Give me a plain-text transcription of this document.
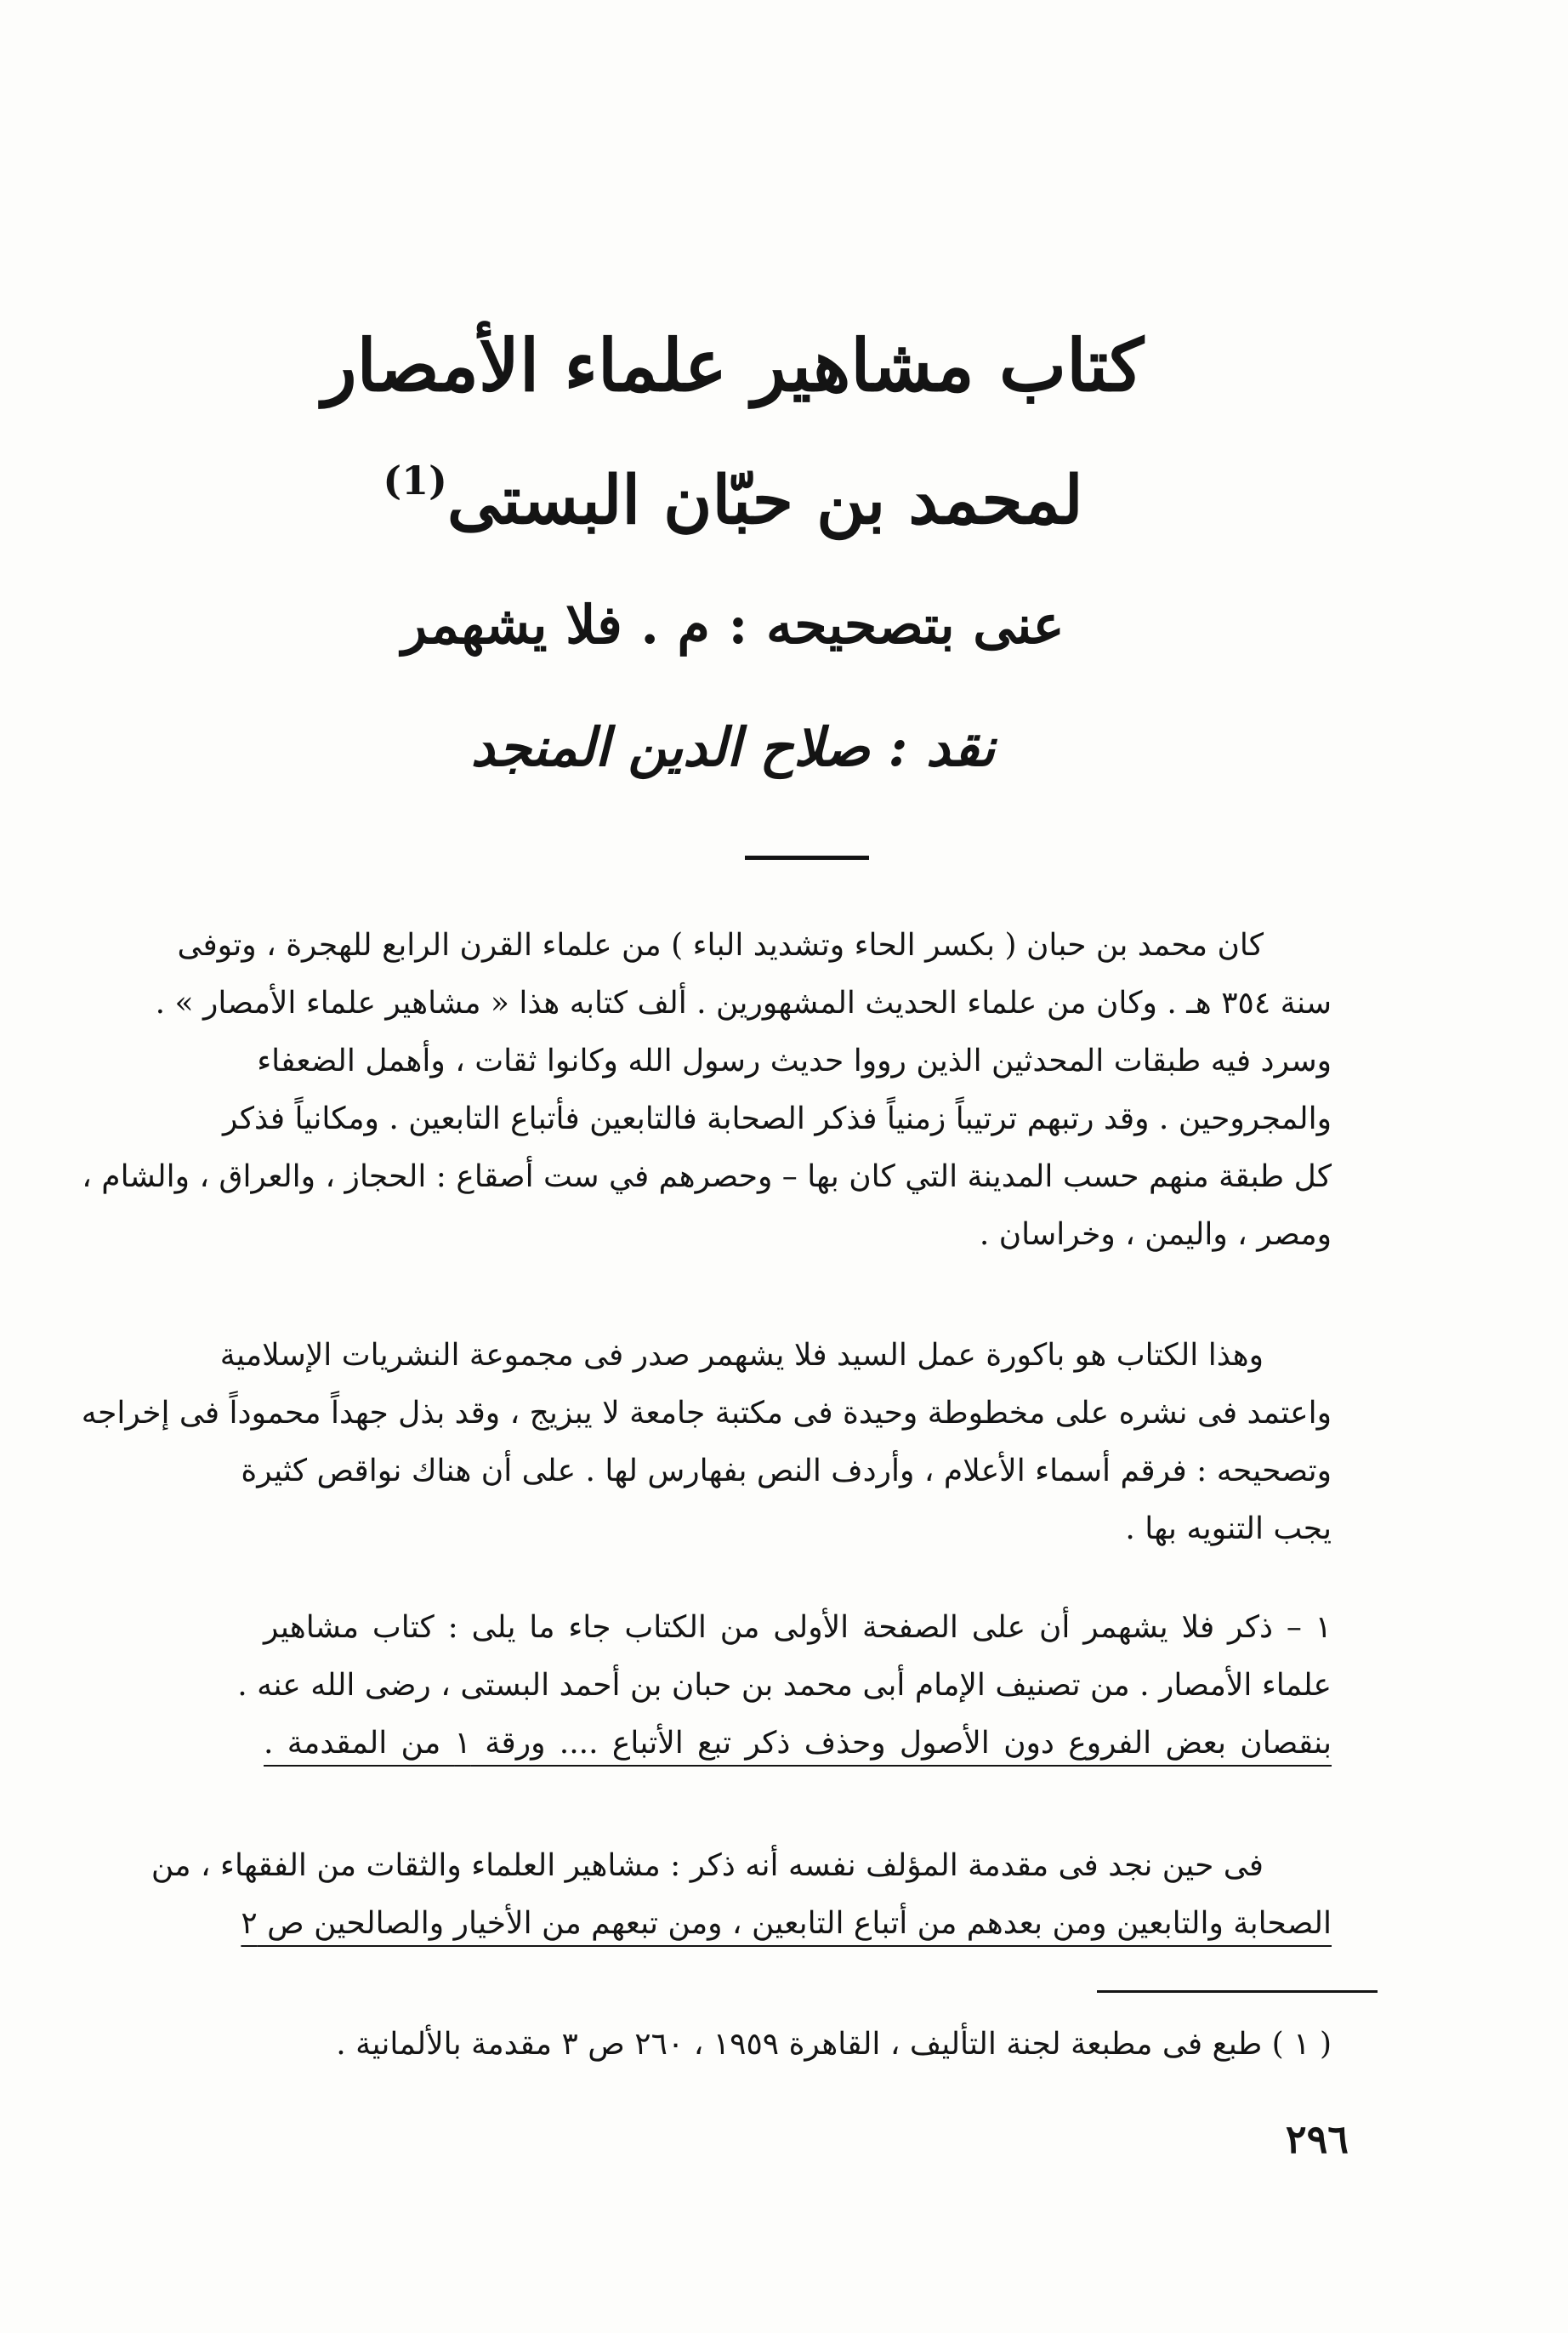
كتاب مشاهير علماء الأمصار
لمحمد بن حبّان البستى$^{(1)}$
عنى بتصحيحه : م . فلا يشهمر
نقد : صلاح الدين المنجد
كان محمد بن حبان ( بكسر الحاء وتشديد الباء ) من علماء القرن الرابع للهجرة ، وتوفى
سنة ٣٥٤ هـ . وكان من علماء الحديث المشهورين . ألف كتابه هذا « مشاهير علماء الأمصار » .
وسرد فيه طبقات المحدثين الذين رووا حديث رسول الله وكانوا ثقات ، وأهمل الضعفاء
والمجروحين . وقد رتبهم ترتيباً زمنياً فذكر الصحابة فالتابعين فأتباع التابعين . ومكانياً فذكر
كل طبقة منهم حسب المدينة التي كان بها – وحصرهم في ست أصقاع : الحجاز ، والعراق ، والشام ،
ومصر ، واليمن ، وخراسان .
وهذا الكتاب هو باكورة عمل السيد فلا يشهمر صدر فى مجموعة النشريات الإسلامية
واعتمد فى نشره على مخطوطة وحيدة فى مكتبة جامعة لا يبزيج ، وقد بذل جهداً محموداً فى إخراجه
وتصحيحه : فرقم أسماء الأعلام ، وأردف النص بفهارس لها . على أن هناك نواقص كثيرة
يجب التنويه بها .
١ – ذكر فلا يشهمر أن على الصفحة الأولى من الكتاب جاء ما يلى : كتاب مشاهير
علماء الأمصار . من تصنيف الإمام أبى محمد بن حبان بن أحمد البستى ، رضى الله عنه .
بنقصان بعض الفروع دون الأصول وحذف ذكر تبع الأتباع .... ورقة ١ من المقدمة .
فى حين نجد فى مقدمة المؤلف نفسه أنه ذكر : مشاهير العلماء والثقات من الفقهاء ، من
الصحابة والتابعين ومن بعدهم من أتباع التابعين ، ومن تبعهم من الأخيار والصالحين ص ٢
( ١ ) طبع فى مطبعة لجنة التأليف ، القاهرة ١٩٥٩ ، ٢٦٠ ص ٣ مقدمة بالألمانية .
٢٩٦
